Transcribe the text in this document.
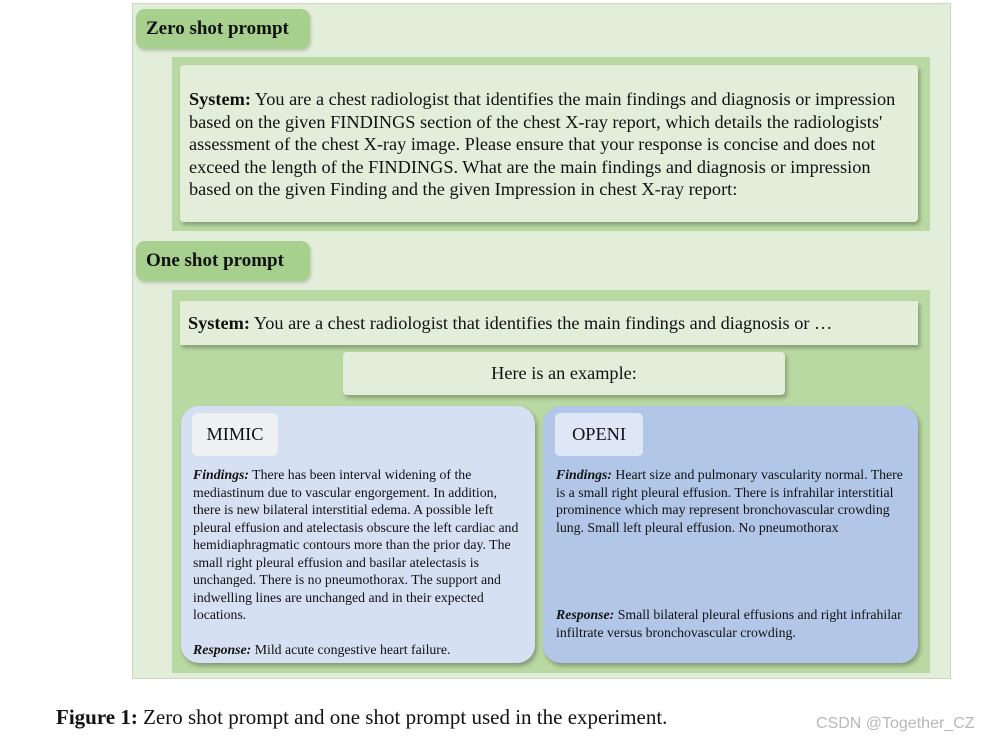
Zero shot prompt
System: You are a chest radiologist that identifies the main findings and diagnosis or impression based on the given FINDINGS section of the chest X-ray report, which details the radiologists' assessment of the chest X-ray image. Please ensure that your response is concise and does not exceed the length of the FINDINGS. What are the main findings and diagnosis or impression based on the given Finding and the given Impression in chest X-ray report:
One shot prompt
System: You are a chest radiologist that identifies the main findings and diagnosis or …
Here is an example:
MIMIC	OPENI
Findings: There has been interval widening of the mediastinum due to vascular engorgement. In addition, there is new bilateral interstitial edema. A possible left pleural effusion and atelectasis obscure the left cardiac and hemidiaphragmatic contours more than the prior day. The small right pleural effusion and basilar atelectasis is unchanged. There is no pneumothorax. The support and indwelling lines are unchanged and in their expected locations.
Response: Mild acute congestive heart failure.
Findings: Heart size and pulmonary vascularity normal. There is a small right pleural effusion. There is infrahilar interstitial prominence which may represent bronchovascular crowding lung. Small left pleural effusion. No pneumothorax
Response: Small bilateral pleural effusions and right infrahilar infiltrate versus bronchovascular crowding.
Figure 1: Zero shot prompt and one shot prompt used in the experiment.	CSDN @Together_CZ
